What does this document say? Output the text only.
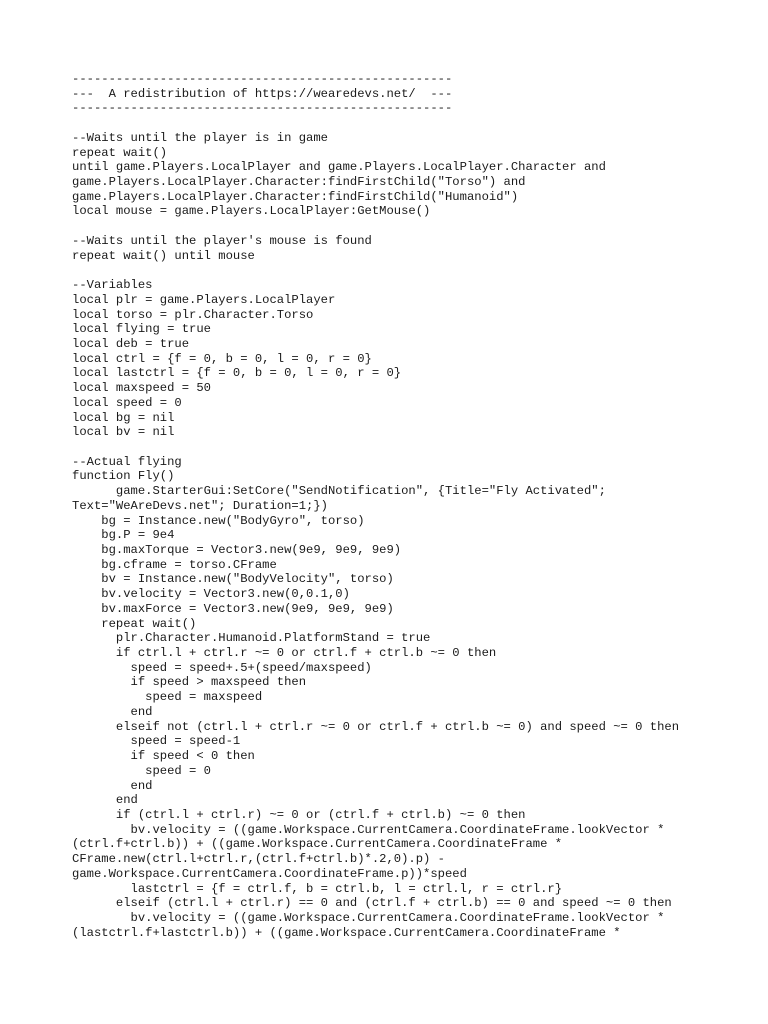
----------------------------------------------------
---  A redistribution of https://wearedevs.net/  ---
----------------------------------------------------
--Waits until the player is in game
repeat wait()
until game.Players.LocalPlayer and game.Players.LocalPlayer.Character and
game.Players.LocalPlayer.Character:findFirstChild("Torso") and
game.Players.LocalPlayer.Character:findFirstChild("Humanoid")
local mouse = game.Players.LocalPlayer:GetMouse()
--Waits until the player's mouse is found
repeat wait() until mouse
--Variables
local plr = game.Players.LocalPlayer
local torso = plr.Character.Torso
local flying = true
local deb = true
local ctrl = {f = 0, b = 0, l = 0, r = 0}
local lastctrl = {f = 0, b = 0, l = 0, r = 0}
local maxspeed = 50
local speed = 0
local bg = nil
local bv = nil
--Actual flying
function Fly()
game.StarterGui:SetCore("SendNotification", {Title="Fly Activated";
Text="WeAreDevs.net"; Duration=1;})
bg = Instance.new("BodyGyro", torso)
bg.P = 9e4
bg.maxTorque = Vector3.new(9e9, 9e9, 9e9)
bg.cframe = torso.CFrame
bv = Instance.new("BodyVelocity", torso)
bv.velocity = Vector3.new(0,0.1,0)
bv.maxForce = Vector3.new(9e9, 9e9, 9e9)
repeat wait()
plr.Character.Humanoid.PlatformStand = true
if ctrl.l + ctrl.r ~= 0 or ctrl.f + ctrl.b ~= 0 then
speed = speed+.5+(speed/maxspeed)
if speed > maxspeed then
speed = maxspeed
end
elseif not (ctrl.l + ctrl.r ~= 0 or ctrl.f + ctrl.b ~= 0) and speed ~= 0 then
speed = speed-1
if speed < 0 then
speed = 0
end
end
if (ctrl.l + ctrl.r) ~= 0 or (ctrl.f + ctrl.b) ~= 0 then
bv.velocity = ((game.Workspace.CurrentCamera.CoordinateFrame.lookVector *
(ctrl.f+ctrl.b)) + ((game.Workspace.CurrentCamera.CoordinateFrame *
CFrame.new(ctrl.l+ctrl.r,(ctrl.f+ctrl.b)*.2,0).p) -
game.Workspace.CurrentCamera.CoordinateFrame.p))*speed
lastctrl = {f = ctrl.f, b = ctrl.b, l = ctrl.l, r = ctrl.r}
elseif (ctrl.l + ctrl.r) == 0 and (ctrl.f + ctrl.b) == 0 and speed ~= 0 then
bv.velocity = ((game.Workspace.CurrentCamera.CoordinateFrame.lookVector *
(lastctrl.f+lastctrl.b)) + ((game.Workspace.CurrentCamera.CoordinateFrame *
